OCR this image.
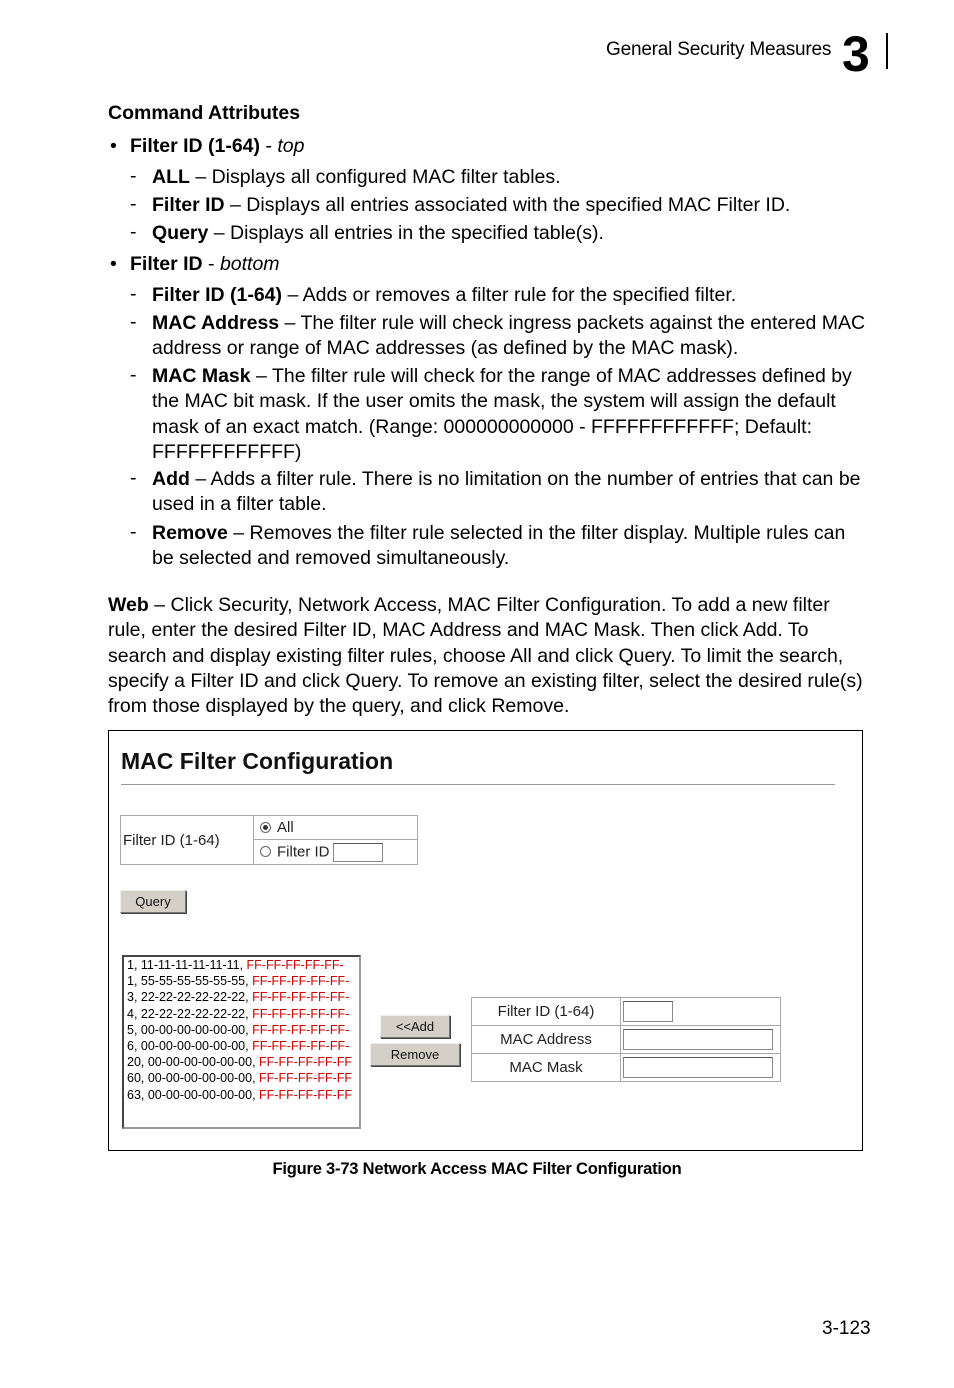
General Security Measures 3
Command Attributes
• Filter ID (1-64) - top
- ALL – Displays all configured MAC filter tables.
- Filter ID – Displays all entries associated with the specified MAC Filter ID.
- Query – Displays all entries in the specified table(s).
• Filter ID - bottom
- Filter ID (1-64) – Adds or removes a filter rule for the specified filter.
- MAC Address – The filter rule will check ingress packets against the entered MAC address or range of MAC addresses (as defined by the MAC mask).
- MAC Mask – The filter rule will check for the range of MAC addresses defined by the MAC bit mask. If the user omits the mask, the system will assign the default mask of an exact match. (Range: 000000000000 - FFFFFFFFFFFF; Default: FFFFFFFFFFFF)
- Add – Adds a filter rule. There is no limitation on the number of entries that can be used in a filter table.
- Remove – Removes the filter rule selected in the filter display. Multiple rules can be selected and removed simultaneously.
Web – Click Security, Network Access, MAC Filter Configuration. To add a new filter rule, enter the desired Filter ID, MAC Address and MAC Mask. Then click Add. To search and display existing filter rules, choose All and click Query. To limit the search, specify a Filter ID and click Query. To remove an existing filter, select the desired rule(s) from those displayed by the query, and click Remove.
MAC Filter Configuration
Filter ID (1-64)	All
Filter ID
Query
1, 11-11-11-11-11-11, FF-FF-FF-FF-FF-
1, 55-55-55-55-55-55, FF-FF-FF-FF-FF-
3, 22-22-22-22-22-22, FF-FF-FF-FF-FF-
4, 22-22-22-22-22-22, FF-FF-FF-FF-FF-
5, 00-00-00-00-00-00, FF-FF-FF-FF-FF-
6, 00-00-00-00-00-00, FF-FF-FF-FF-FF-
20, 00-00-00-00-00-00, FF-FF-FF-FF-FF
60, 00-00-00-00-00-00, FF-FF-FF-FF-FF
63, 00-00-00-00-00-00, FF-FF-FF-FF-FF
<<Add
Remove
Filter ID (1-64)	
MAC Address	
MAC Mask	
Figure 3-73 Network Access MAC Filter Configuration
3-123
